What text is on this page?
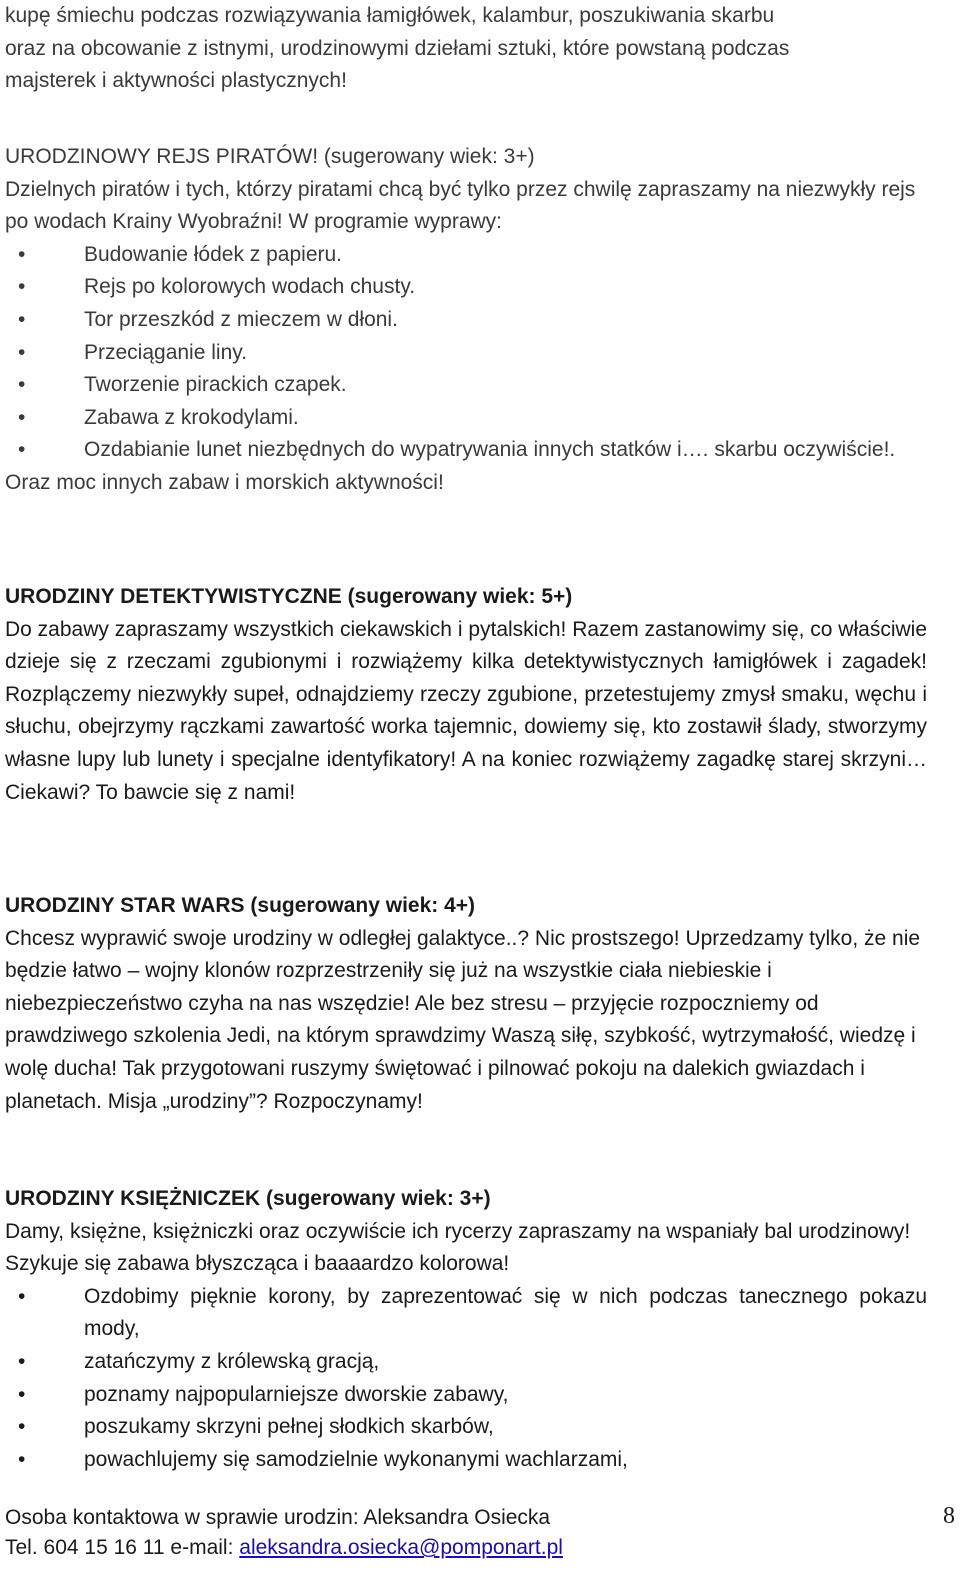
kupę śmiechu podczas rozwiązywania łamigłówek, kalambur, poszukiwania skarbu

oraz na obcowanie z istnymi, urodzinowymi dziełami sztuki, które powstaną podczas

majsterek i aktywności plastycznych!

URODZINOWY REJS PIRATÓW! (sugerowany wiek: 3+)

Dzielnych piratów i tych, którzy piratami chcą być tylko przez chwilę zapraszamy na niezwykły rejs po wodach Krainy Wyobraźni! W programie wyprawy:

• Budowanie łódek z papieru.
• Rejs po kolorowych wodach chusty.
• Tor przeszkód z mieczem w dłoni.
• Przeciąganie liny.
• Tworzenie pirackich czapek.
• Zabawa z krokodylami.
• Ozdabianie lunet niezbędnych do wypatrywania innych statków i…. skarbu oczywiście!.

Oraz moc innych zabaw i morskich aktywności!

URODZINY DETEKTYWISTYCZNE (sugerowany wiek: 5+)

Do zabawy zapraszamy wszystkich ciekawskich i pytalskich! Razem zastanowimy się, co właściwie dzieje się z rzeczami zgubionymi i rozwiążemy kilka detektywistycznych łamigłówek i zagadek! Rozplączemy niezwykły supeł, odnajdziemy rzeczy zgubione, przetestujemy zmysł smaku, węchu i słuchu, obejrzymy rączkami zawartość worka tajemnic, dowiemy się, kto zostawił ślady, stworzymy własne lupy lub lunety i specjalne identyfikatory! A na koniec rozwiążemy zagadkę starej skrzyni… Ciekawi? To bawcie się z nami!

URODZINY STAR WARS (sugerowany wiek: 4+)

Chcesz wyprawić swoje urodziny w odległej galaktyce..? Nic prostszego! Uprzedzamy tylko, że nie będzie łatwo – wojny klonów rozprzestrzeniły się już na wszystkie ciała niebieskie i niebezpieczeństwo czyha na nas wszędzie! Ale bez stresu – przyjęcie rozpoczniemy od prawdziwego szkolenia Jedi, na którym sprawdzimy Waszą siłę, szybkość, wytrzymałość, wiedzę i wolę ducha! Tak przygotowani ruszymy świętować i pilnować pokoju na dalekich gwiazdach i planetach. Misja „urodziny”? Rozpoczynamy!

URODZINY KSIĘŻNICZEK (sugerowany wiek: 3+)

Damy, księżne, księżniczki oraz oczywiście ich rycerzy zapraszamy na wspaniały bal urodzinowy! Szykuje się zabawa błyszcząca i baaaardzo kolorowa!

• Ozdobimy pięknie korony, by zaprezentować się w nich podczas tanecznego pokazu mody,
• zatańczymy z królewską gracją,
• poznamy najpopularniejsze dworskie zabawy,
• poszukamy skrzyni pełnej słodkich skarbów,
• powachlujemy się samodzielnie wykonanymi wachlarzami,
Osoba kontaktowa w sprawie urodzin: Aleksandra Osiecka
Tel. 604 15 16 11 e-mail: aleksandra.osiecka@pomponart.pl
8
